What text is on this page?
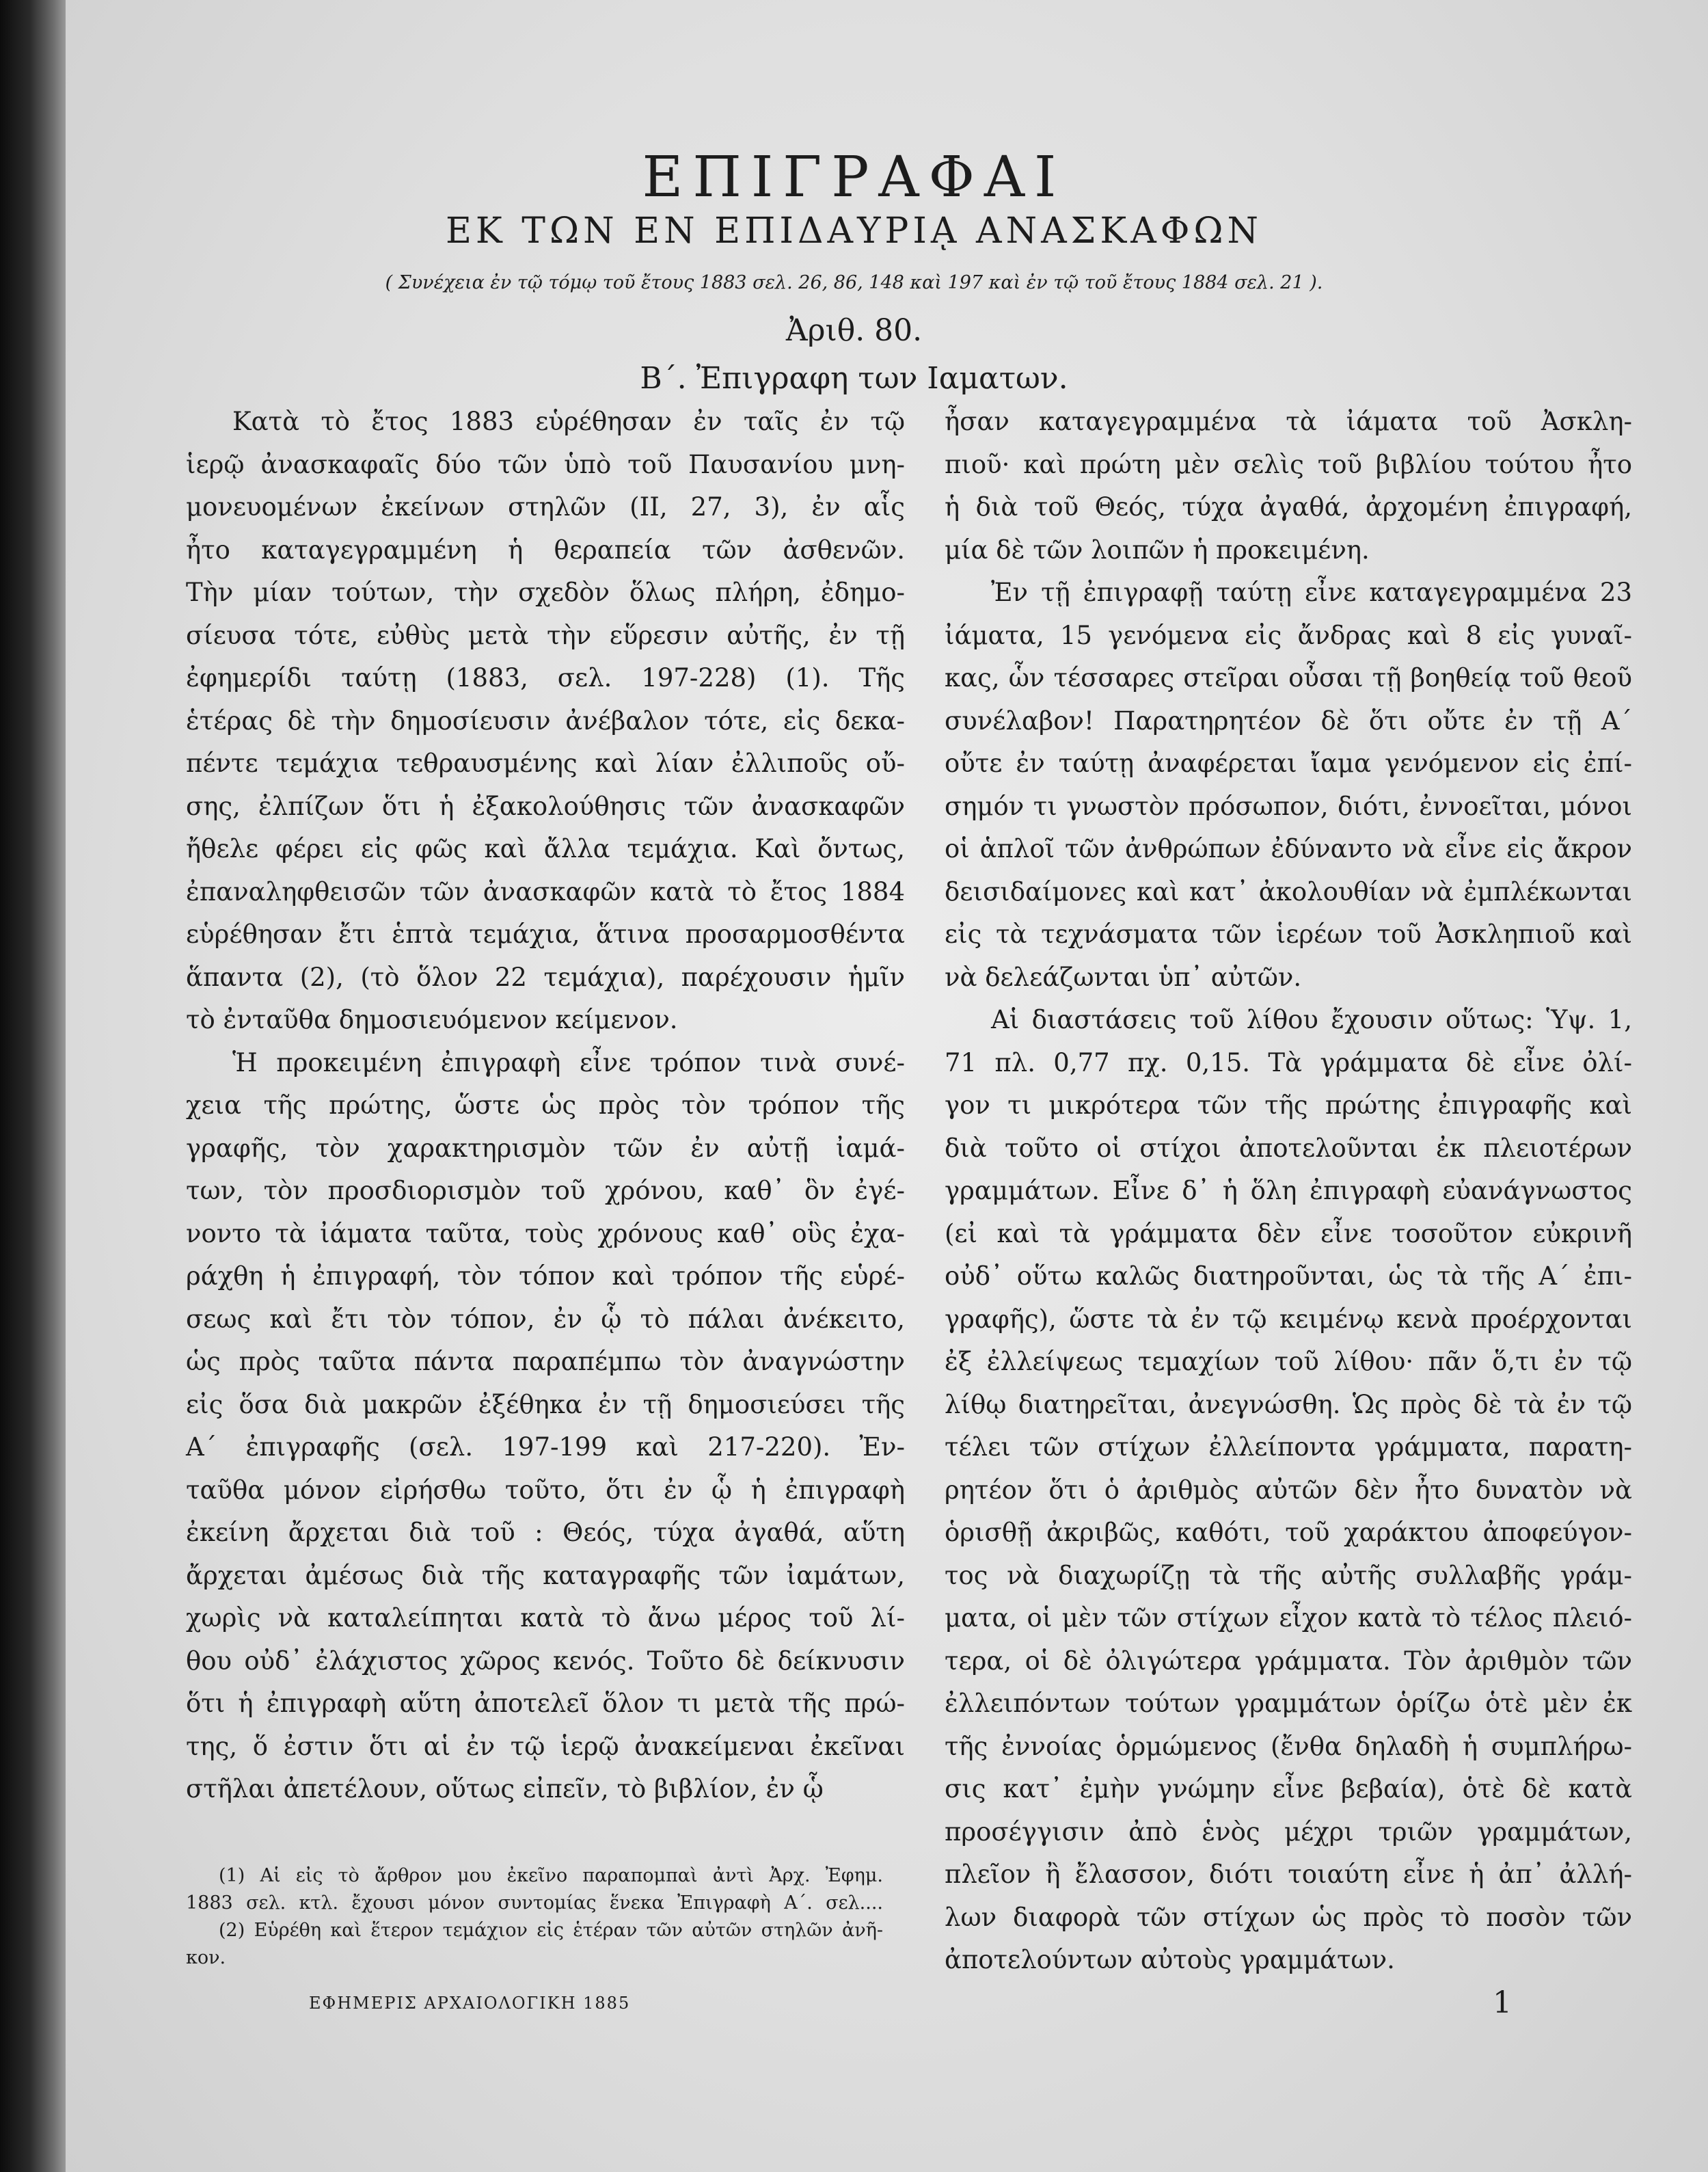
ΕΠΙΓΡΑΦΑΙ
ΕΚ ΤΩΝ ΕΝ ΕΠΙΔΑΥΡΙᾼ ΑΝΑΣΚΑΦΩΝ
( Συνέχεια ἐν τῷ τόμῳ τοῦ ἔτους 1883 σελ. 26, 86, 148 καὶ 197 καὶ ἐν τῷ τοῦ ἔτους 1884 σελ. 21 ).
Ἀριθ. 80.
Β΄. Ἐπιγραφη των Ιαματων.

Κατὰ τὸ ἔτος 1883 εὑρέθησαν ἐν ταῖς ἐν τῷ

ἱερῷ ἀνασκαφαῖς δύο τῶν ὑπὸ τοῦ Παυσανίου μνη-

μονευομένων ἐκείνων στηλῶν (ΙΙ, 27, 3), ἐν αἷς

ἦτο καταγεγραμμένη ἡ θεραπεία τῶν ἀσθενῶν.

Τὴν μίαν τούτων, τὴν σχεδὸν ὅλως πλήρη, ἐδημο-

σίευσα τότε, εὐθὺς μετὰ τὴν εὕρεσιν αὐτῆς, ἐν τῇ

ἐφημερίδι ταύτῃ (1883, σελ. 197-228) (1). Τῆς

ἑτέρας δὲ τὴν δημοσίευσιν ἀνέβαλον τότε, εἰς δεκα-

πέντε τεμάχια τεθραυσμένης καὶ λίαν ἐλλιποῦς οὔ-

σης, ἐλπίζων ὅτι ἡ ἐξακολούθησις τῶν ἀνασκαφῶν

ἤθελε φέρει εἰς φῶς καὶ ἄλλα τεμάχια. Καὶ ὄντως,

ἐπαναληφθεισῶν τῶν ἀνασκαφῶν κατὰ τὸ ἔτος 1884

εὑρέθησαν ἔτι ἑπτὰ τεμάχια, ἅτινα προσαρμοσθέντα

ἅπαντα (2), (τὸ ὅλον 22 τεμάχια), παρέχουσιν ἡμῖν

τὸ ἐνταῦθα δημοσιευόμενον κείμενον.

Ἡ προκειμένη ἐπιγραφὴ εἶνε τρόπον τινὰ συνέ-

χεια τῆς πρώτης, ὥστε ὡς πρὸς τὸν τρόπον τῆς

γραφῆς, τὸν χαρακτηρισμὸν τῶν ἐν αὐτῇ ἰαμά-

των, τὸν προσδιορισμὸν τοῦ χρόνου, καθ᾽ ὃν ἐγέ-

νοντο τὰ ἰάματα ταῦτα, τοὺς χρόνους καθ᾽ οὓς ἐχα-

ράχθη ἡ ἐπιγραφή, τὸν τόπον καὶ τρόπον τῆς εὑρέ-

σεως καὶ ἔτι τὸν τόπον, ἐν ᾧ τὸ πάλαι ἀνέκειτο,

ὡς πρὸς ταῦτα πάντα παραπέμπω τὸν ἀναγνώστην

εἰς ὅσα διὰ μακρῶν ἐξέθηκα ἐν τῇ δημοσιεύσει τῆς

Α΄ ἐπιγραφῆς (σελ. 197-199 καὶ 217-220). Ἐν-

ταῦθα μόνον εἰρήσθω τοῦτο, ὅτι ἐν ᾧ ἡ ἐπιγραφὴ

ἐκείνη ἄρχεται διὰ τοῦ : Θεός, τύχα ἀγαθά, αὕτη

ἄρχεται ἀμέσως διὰ τῆς καταγραφῆς τῶν ἰαμάτων,

χωρὶς νὰ καταλείπηται κατὰ τὸ ἄνω μέρος τοῦ λί-

θου οὐδ᾽ ἐλάχιστος χῶρος κενός. Τοῦτο δὲ δείκνυσιν

ὅτι ἡ ἐπιγραφὴ αὕτη ἀποτελεῖ ὅλον τι μετὰ τῆς πρώ-

της, ὅ ἐστιν ὅτι αἱ ἐν τῷ ἱερῷ ἀνακείμεναι ἐκεῖναι

στῆλαι ἀπετέλουν, οὕτως εἰπεῖν, τὸ βιβλίον, ἐν ᾧ

ἦσαν καταγεγραμμένα τὰ ἰάματα τοῦ Ἀσκλη-

πιοῦ· καὶ πρώτη μὲν σελὶς τοῦ βιβλίου τούτου ἦτο

ἡ διὰ τοῦ Θεός, τύχα ἀγαθά, ἀρχομένη ἐπιγραφή,

μία δὲ τῶν λοιπῶν ἡ προκειμένη.

Ἐν τῇ ἐπιγραφῇ ταύτῃ εἶνε καταγεγραμμένα 23

ἰάματα, 15 γενόμενα εἰς ἄνδρας καὶ 8 εἰς γυναῖ-

κας, ὧν τέσσαρες στεῖραι οὖσαι τῇ βοηθείᾳ τοῦ θεοῦ

συνέλαβον! Παρατηρητέον δὲ ὅτι οὔτε ἐν τῇ Α΄

οὔτε ἐν ταύτῃ ἀναφέρεται ἴαμα γενόμενον εἰς ἐπί-

σημόν τι γνωστὸν πρόσωπον, διότι, ἐννοεῖται, μόνοι

οἱ ἁπλοῖ τῶν ἀνθρώπων ἐδύναντο νὰ εἶνε εἰς ἄκρον

δεισιδαίμονες καὶ κατ᾽ ἀκολουθίαν νὰ ἐμπλέκωνται

εἰς τὰ τεχνάσματα τῶν ἱερέων τοῦ Ἀσκληπιοῦ καὶ

νὰ δελεάζωνται ὑπ᾽ αὐτῶν.

Αἱ διαστάσεις τοῦ λίθου ἔχουσιν οὕτως: Ὑψ. 1,

71 πλ. 0,77 πχ. 0,15. Τὰ γράμματα δὲ εἶνε ὀλί-

γον τι μικρότερα τῶν τῆς πρώτης ἐπιγραφῆς καὶ

διὰ τοῦτο οἱ στίχοι ἀποτελοῦνται ἐκ πλειοτέρων

γραμμάτων. Εἶνε δ᾽ ἡ ὅλη ἐπιγραφὴ εὐανάγνωστος

(εἰ καὶ τὰ γράμματα δὲν εἶνε τοσοῦτον εὐκρινῆ

οὐδ᾽ οὕτω καλῶς διατηροῦνται, ὡς τὰ τῆς Α΄ ἐπι-

γραφῆς), ὥστε τὰ ἐν τῷ κειμένῳ κενὰ προέρχονται

ἐξ ἐλλείψεως τεμαχίων τοῦ λίθου· πᾶν ὅ,τι ἐν τῷ

λίθῳ διατηρεῖται, ἀνεγνώσθη. Ὡς πρὸς δὲ τὰ ἐν τῷ

τέλει τῶν στίχων ἐλλείποντα γράμματα, παρατη-

ρητέον ὅτι ὁ ἀριθμὸς αὐτῶν δὲν ἦτο δυνατὸν νὰ

ὁρισθῇ ἀκριβῶς, καθότι, τοῦ χαράκτου ἀποφεύγον-

τος νὰ διαχωρίζῃ τὰ τῆς αὐτῆς συλλαβῆς γράμ-

ματα, οἱ μὲν τῶν στίχων εἶχον κατὰ τὸ τέλος πλειό-

τερα, οἱ δὲ ὀλιγώτερα γράμματα. Τὸν ἀριθμὸν τῶν

ἐλλειπόντων τούτων γραμμάτων ὁρίζω ὁτὲ μὲν ἐκ

τῆς ἐννοίας ὁρμώμενος (ἔνθα δηλαδὴ ἡ συμπλήρω-

σις κατ᾽ ἐμὴν γνώμην εἶνε βεβαία), ὁτὲ δὲ κατὰ

προσέγγισιν ἀπὸ ἑνὸς μέχρι τριῶν γραμμάτων,

πλεῖον ἢ ἔλασσον, διότι τοιαύτη εἶνε ἡ ἀπ᾽ ἀλλή-

λων διαφορὰ τῶν στίχων ὡς πρὸς τὸ ποσὸν τῶν

ἀποτελούντων αὐτοὺς γραμμάτων.

(1) Αἱ εἰς τὸ ἄρθρον μου ἐκεῖνο παραπομπαὶ ἀντὶ Ἀρχ. Ἐφημ.

1883 σελ. κτλ. ἔχουσι μόνον συντομίας ἕνεκα Ἐπιγραφὴ Α΄. σελ....

(2) Εὑρέθη καὶ ἕτερον τεμάχιον εἰς ἑτέραν τῶν αὐτῶν στηλῶν ἀνῆ-

κον.

ΕΦΗΜΕΡΙΣ ΑΡΧΑΙΟΛΟΓΙΚΗ 1885	1
